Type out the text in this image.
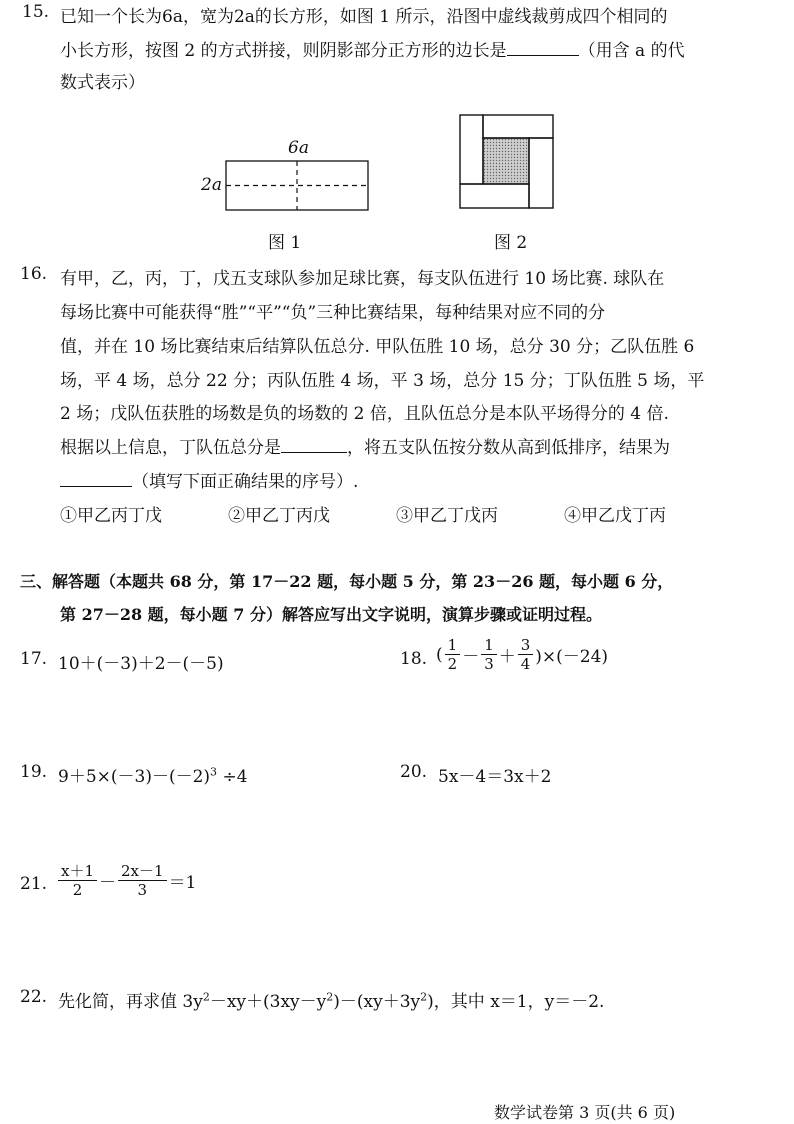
15. 已知一个长为6a，宽为2a的长方形，如图 1 所示，沿图中虚线裁剪成四个相同的
小长方形，按图 2 的方式拼接，则阴影部分正方形的边长是	（用含 a 的代
数式表示）
6a
2a
图 1	图 2
16. 有甲，乙，丙，丁，戊五支球队参加足球比赛，每支队伍进行 10 场比赛. 球队在
每场比赛中可能获得“胜”“平”“负”三种比赛结果，每种结果对应不同的分
值，并在 10 场比赛结束后结算队伍总分. 甲队伍胜 10 场，总分 30 分；乙队伍胜 6
场，平 4 场，总分 22 分；丙队伍胜 4 场，平 3 场，总分 15 分；丁队伍胜 5 场，平
2 场；戊队伍获胜的场数是负的场数的 2 倍，且队伍总分是本队平场得分的 4 倍.
根据以上信息，丁队伍总分是	，将五支队伍按分数从高到低排序，结果为
（填写下面正确结果的序号）.
①甲乙丙丁戊	②甲乙丁丙戊	③甲乙丁戊丙	④甲乙戊丁丙
三、解答题（本题共 68 分，第 17－22 题，每小题 5 分，第 23－26 题，每小题 6 分，
第 27－28 题，每小题 7 分）解答应写出文字说明，演算步骤或证明过程。
17. 10＋(－3)＋2－(－5)	18. ( $\frac{1}{2} - \frac{1}{3} + \frac{3}{4} )\times(-24)$
19. $9+5\times(-3)-(-2)^3 \div 4$	20. 5x－4＝3x＋2
21. $\frac{x+1}{2} - \frac{2x-1}{3} =1$
22. 先化简，再求值 $3y^2-xy+(3xy-y^2)-(xy+3y^2)$，其中 x＝1，y＝－2.
数学试卷第 3 页(共 6 页)
